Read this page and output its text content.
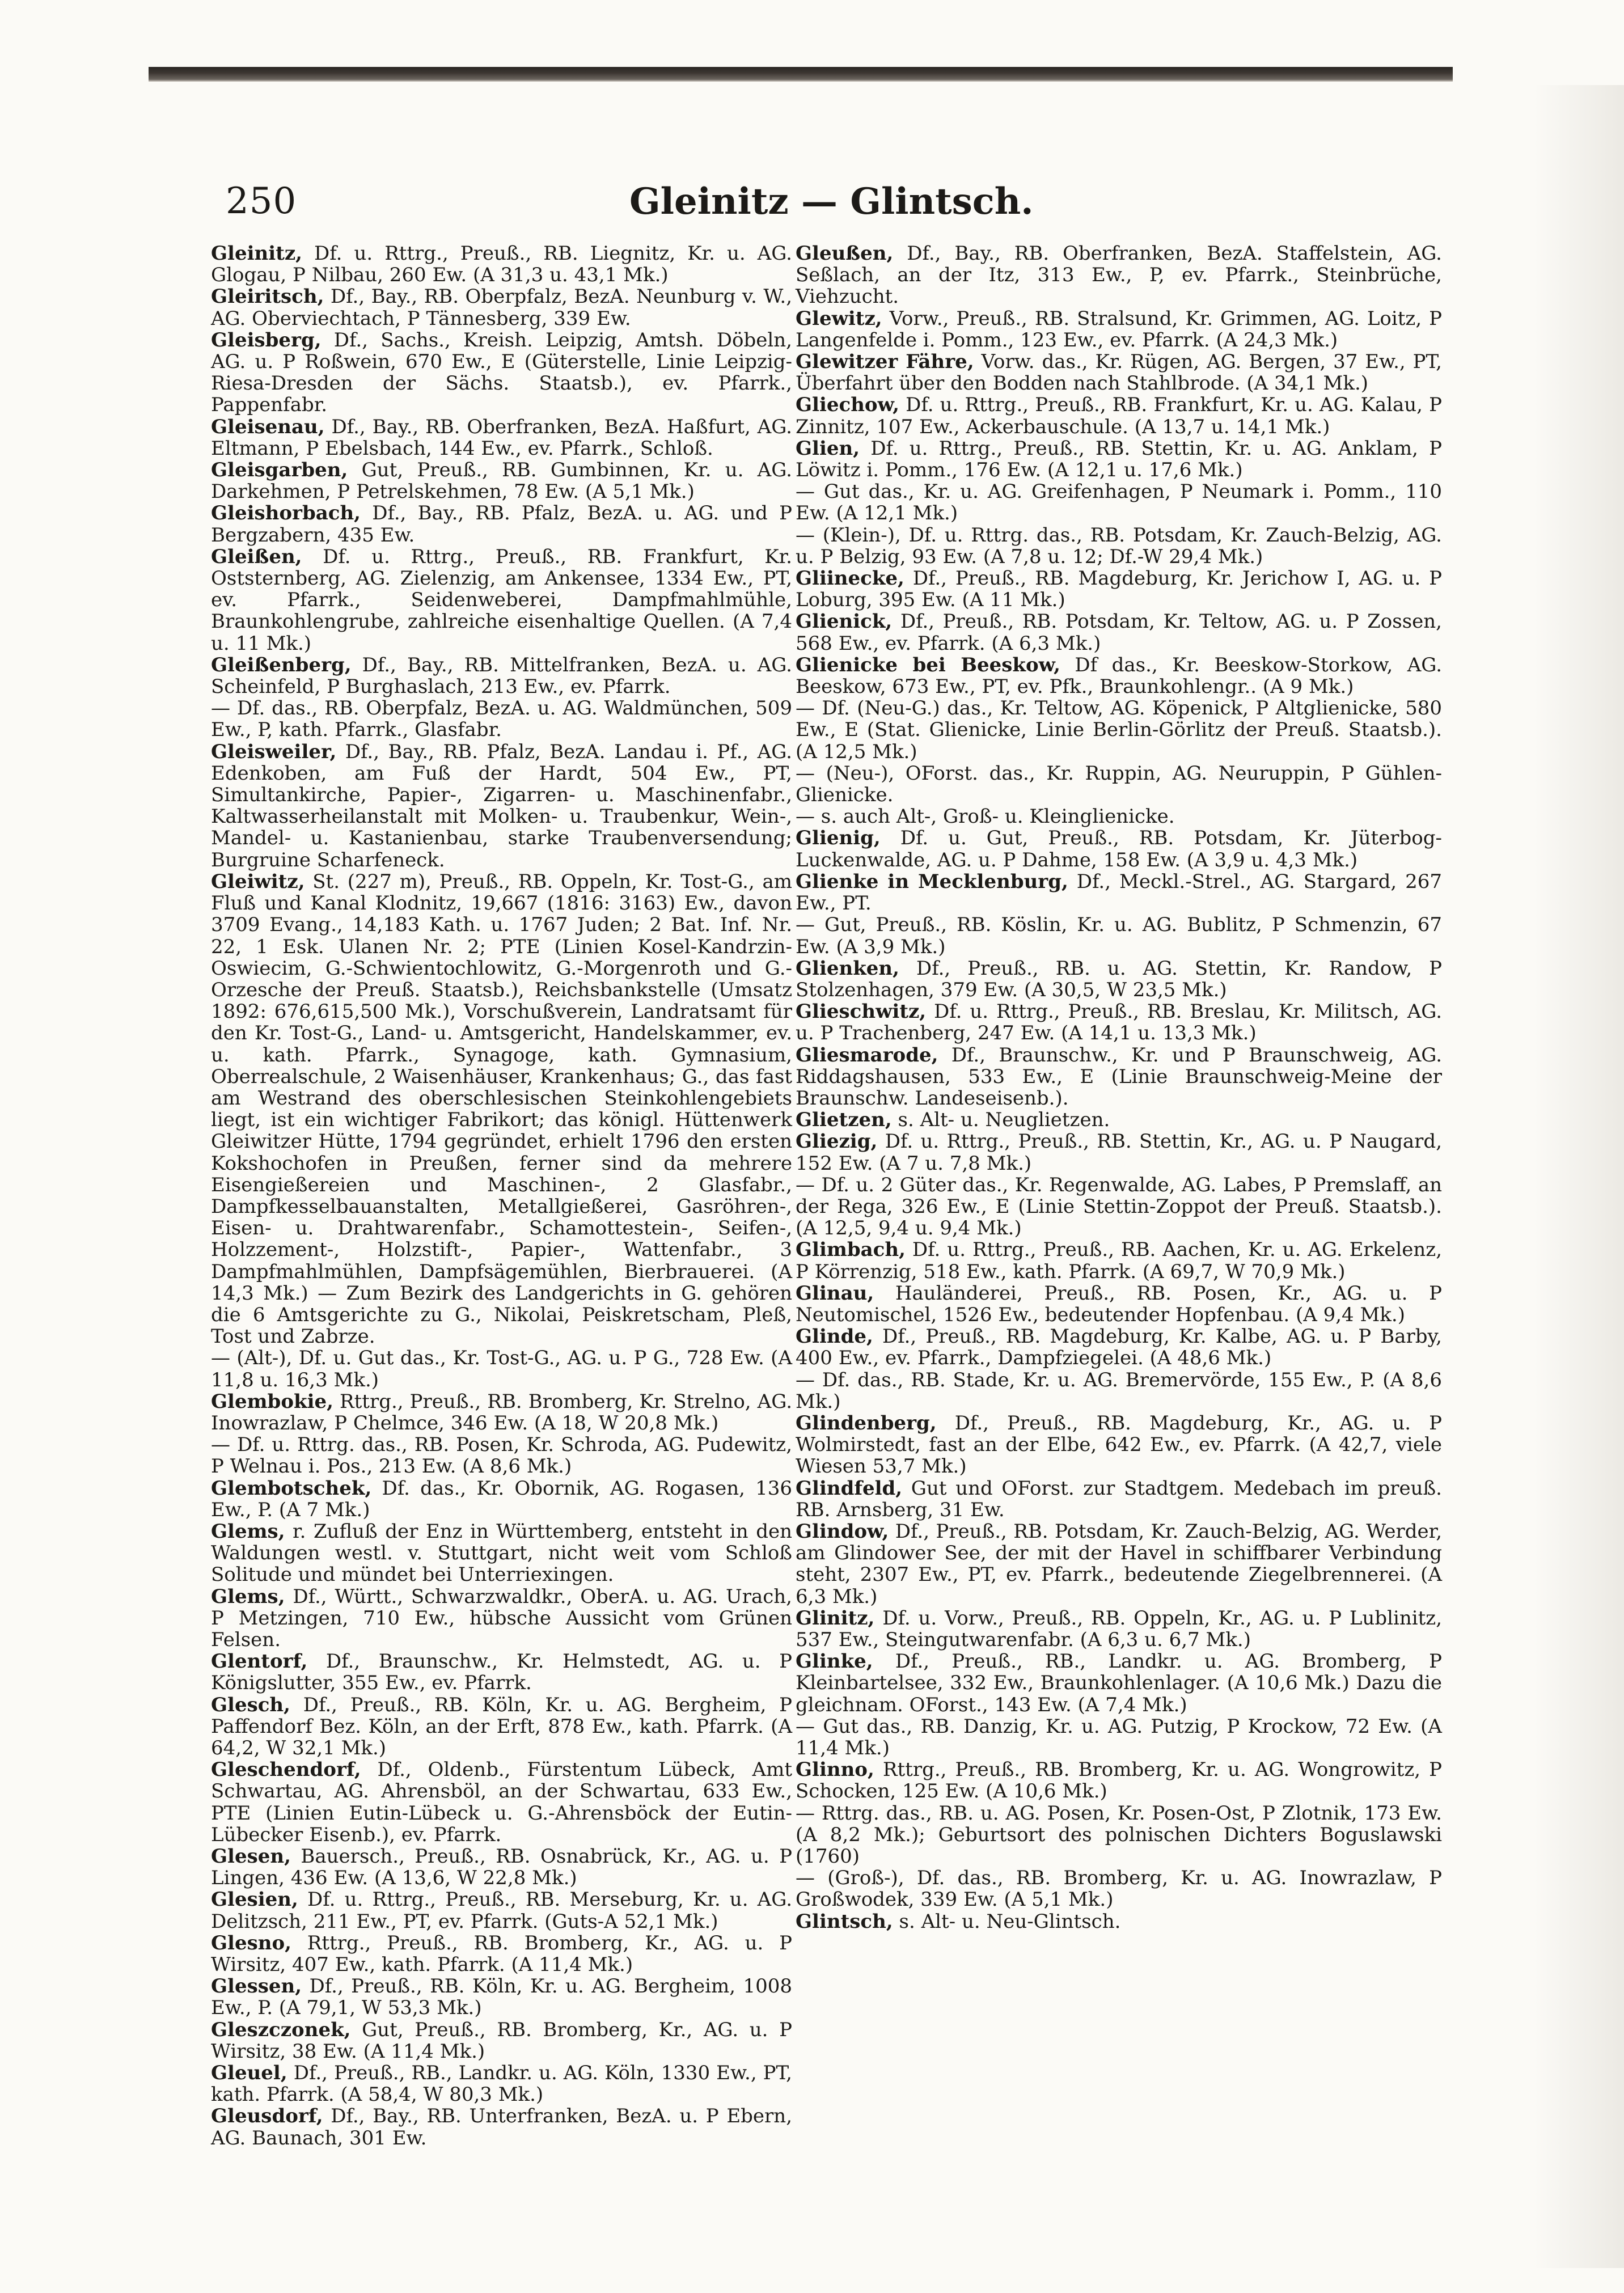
250	Gleinitz — Glintsch.

Gleinitz, Df. u. Rttrg., Preuß., RB. Liegnitz, Kr. u. AG. Glogau, P Nilbau, 260 Ew. (A 31,3 u. 43,1 Mk.)

Gleiritsch, Df., Bay., RB. Oberpfalz, BezA. Neunburg v. W., AG. Oberviechtach, P Tännesberg, 339 Ew.

Gleisberg, Df., Sachs., Kreish. Leipzig, Amtsh. Döbeln, AG. u. P Roßwein, 670 Ew., E (Güterstelle, Linie Leipzig-Riesa-Dresden der Sächs. Staatsb.), ev. Pfarrk., Pappenfabr.

Gleisenau, Df., Bay., RB. Oberfranken, BezA. Haßfurt, AG. Eltmann, P Ebelsbach, 144 Ew., ev. Pfarrk., Schloß.

Gleisgarben, Gut, Preuß., RB. Gumbinnen, Kr. u. AG. Darkehmen, P Petrelskehmen, 78 Ew. (A 5,1 Mk.)

Gleishorbach, Df., Bay., RB. Pfalz, BezA. u. AG. und P Bergzabern, 435 Ew.

Gleißen, Df. u. Rttrg., Preuß., RB. Frankfurt, Kr. Oststernberg, AG. Zielenzig, am Ankensee, 1334 Ew., PT, ev. Pfarrk., Seidenweberei, Dampfmahlmühle, Braunkohlengrube, zahlreiche eisenhaltige Quellen. (A 7,4 u. 11 Mk.)

Gleißenberg, Df., Bay., RB. Mittelfranken, BezA. u. AG. Scheinfeld, P Burghaslach, 213 Ew., ev. Pfarrk.

— Df. das., RB. Oberpfalz, BezA. u. AG. Waldmünchen, 509 Ew., P, kath. Pfarrk., Glasfabr.

Gleisweiler, Df., Bay., RB. Pfalz, BezA. Landau i. Pf., AG. Edenkoben, am Fuß der Hardt, 504 Ew., PT, Simultankirche, Papier-, Zigarren- u. Maschinenfabr., Kaltwasserheilanstalt mit Molken- u. Traubenkur, Wein-, Mandel- u. Kastanienbau, starke Traubenversendung; Burgruine Scharfeneck.

Gleiwitz, St. (227 m), Preuß., RB. Oppeln, Kr. Tost-G., am Fluß und Kanal Klodnitz, 19,667 (1816: 3163) Ew., davon 3709 Evang., 14,183 Kath. u. 1767 Juden; 2 Bat. Inf. Nr. 22, 1 Esk. Ulanen Nr. 2; PTE (Linien Kosel-Kandrzin-Oswiecim, G.-Schwientochlowitz, G.-Morgenroth und G.-Orzesche der Preuß. Staatsb.), Reichsbankstelle (Umsatz 1892: 676,615,500 Mk.), Vorschußverein, Landratsamt für den Kr. Tost-G., Land- u. Amtsgericht, Handelskammer, ev. u. kath. Pfarrk., Synagoge, kath. Gymnasium, Oberrealschule, 2 Waisenhäuser, Krankenhaus; G., das fast am Westrand des oberschlesischen Steinkohlengebiets liegt, ist ein wichtiger Fabrikort; das königl. Hüttenwerk Gleiwitzer Hütte, 1794 gegründet, erhielt 1796 den ersten Kokshochofen in Preußen, ferner sind da mehrere Eisengießereien und Maschinen-, 2 Glasfabr., Dampfkesselbauanstalten, Metallgießerei, Gasröhren-, Eisen- u. Drahtwarenfabr., Schamottestein-, Seifen-, Holzzement-, Holzstift-, Papier-, Wattenfabr., 3 Dampfmahlmühlen, Dampfsägemühlen, Bierbrauerei. (A 14,3 Mk.) — Zum Bezirk des Landgerichts in G. gehören die 6 Amtsgerichte zu G., Nikolai, Peiskretscham, Pleß, Tost und Zabrze.

— (Alt-), Df. u. Gut das., Kr. Tost-G., AG. u. P G., 728 Ew. (A 11,8 u. 16,3 Mk.)

Glembokie, Rttrg., Preuß., RB. Bromberg, Kr. Strelno, AG. Inowrazlaw, P Chelmce, 346 Ew. (A 18, W 20,8 Mk.)

— Df. u. Rttrg. das., RB. Posen, Kr. Schroda, AG. Pudewitz, P Welnau i. Pos., 213 Ew. (A 8,6 Mk.)

Glembotschek, Df. das., Kr. Obornik, AG. Rogasen, 136 Ew., P. (A 7 Mk.)

Glems, r. Zufluß der Enz in Württemberg, entsteht in den Waldungen westl. v. Stuttgart, nicht weit vom Schloß Solitude und mündet bei Unterriexingen.

Glems, Df., Württ., Schwarzwaldkr., OberA. u. AG. Urach, P Metzingen, 710 Ew., hübsche Aussicht vom Grünen Felsen.

Glentorf, Df., Braunschw., Kr. Helmstedt, AG. u. P Königslutter, 355 Ew., ev. Pfarrk.

Glesch, Df., Preuß., RB. Köln, Kr. u. AG. Bergheim, P Paffendorf Bez. Köln, an der Erft, 878 Ew., kath. Pfarrk. (A 64,2, W 32,1 Mk.)

Gleschendorf, Df., Oldenb., Fürstentum Lübeck, Amt Schwartau, AG. Ahrensböl, an der Schwartau, 633 Ew., PTE (Linien Eutin-Lübeck u. G.-Ahrensböck der Eutin-Lübecker Eisenb.), ev. Pfarrk.

Glesen, Bauersch., Preuß., RB. Osnabrück, Kr., AG. u. P Lingen, 436 Ew. (A 13,6, W 22,8 Mk.)

Glesien, Df. u. Rttrg., Preuß., RB. Merseburg, Kr. u. AG. Delitzsch, 211 Ew., PT, ev. Pfarrk. (Guts-A 52,1 Mk.)

Glesno, Rttrg., Preuß., RB. Bromberg, Kr., AG. u. P Wirsitz, 407 Ew., kath. Pfarrk. (A 11,4 Mk.)

Glessen, Df., Preuß., RB. Köln, Kr. u. AG. Bergheim, 1008 Ew., P. (A 79,1, W 53,3 Mk.)

Gleszczonek, Gut, Preuß., RB. Bromberg, Kr., AG. u. P Wirsitz, 38 Ew. (A 11,4 Mk.)

Gleuel, Df., Preuß., RB., Landkr. u. AG. Köln, 1330 Ew., PT, kath. Pfarrk. (A 58,4, W 80,3 Mk.)

Gleusdorf, Df., Bay., RB. Unterfranken, BezA. u. P Ebern, AG. Baunach, 301 Ew.

Gleußen, Df., Bay., RB. Oberfranken, BezA. Staffelstein, AG. Seßlach, an der Itz, 313 Ew., P, ev. Pfarrk., Steinbrüche, Viehzucht.

Glewitz, Vorw., Preuß., RB. Stralsund, Kr. Grimmen, AG. Loitz, P Langenfelde i. Pomm., 123 Ew., ev. Pfarrk. (A 24,3 Mk.)

Glewitzer Fähre, Vorw. das., Kr. Rügen, AG. Bergen, 37 Ew., PT, Überfahrt über den Bodden nach Stahlbrode. (A 34,1 Mk.)

Gliechow, Df. u. Rttrg., Preuß., RB. Frankfurt, Kr. u. AG. Kalau, P Zinnitz, 107 Ew., Ackerbauschule. (A 13,7 u. 14,1 Mk.)

Glien, Df. u. Rttrg., Preuß., RB. Stettin, Kr. u. AG. Anklam, P Löwitz i. Pomm., 176 Ew. (A 12,1 u. 17,6 Mk.)

— Gut das., Kr. u. AG. Greifenhagen, P Neumark i. Pomm., 110 Ew. (A 12,1 Mk.)

— (Klein-), Df. u. Rttrg. das., RB. Potsdam, Kr. Zauch-Belzig, AG. u. P Belzig, 93 Ew. (A 7,8 u. 12; Df.-W 29,4 Mk.)

Gliinecke, Df., Preuß., RB. Magdeburg, Kr. Jerichow I, AG. u. P Loburg, 395 Ew. (A 11 Mk.)

Glienick, Df., Preuß., RB. Potsdam, Kr. Teltow, AG. u. P Zossen, 568 Ew., ev. Pfarrk. (A 6,3 Mk.)

Glienicke bei Beeskow, Df das., Kr. Beeskow-Storkow, AG. Beeskow, 673 Ew., PT, ev. Pfk., Braunkohlengr.. (A 9 Mk.)

— Df. (Neu-G.) das., Kr. Teltow, AG. Köpenick, P Altglienicke, 580 Ew., E (Stat. Glienicke, Linie Berlin-Görlitz der Preuß. Staatsb.). (A 12,5 Mk.)

— (Neu-), OForst. das., Kr. Ruppin, AG. Neuruppin, P Gühlen-Glienicke.

— s. auch Alt-, Groß- u. Kleinglienicke.

Glienig, Df. u. Gut, Preuß., RB. Potsdam, Kr. Jüterbog-Luckenwalde, AG. u. P Dahme, 158 Ew. (A 3,9 u. 4,3 Mk.)

Glienke in Mecklenburg, Df., Meckl.-Strel., AG. Stargard, 267 Ew., PT.

— Gut, Preuß., RB. Köslin, Kr. u. AG. Bublitz, P Schmenzin, 67 Ew. (A 3,9 Mk.)

Glienken, Df., Preuß., RB. u. AG. Stettin, Kr. Randow, P Stolzenhagen, 379 Ew. (A 30,5, W 23,5 Mk.)

Glieschwitz, Df. u. Rttrg., Preuß., RB. Breslau, Kr. Militsch, AG. u. P Trachenberg, 247 Ew. (A 14,1 u. 13,3 Mk.)

Gliesmarode, Df., Braunschw., Kr. und P Braunschweig, AG. Riddagshausen, 533 Ew., E (Linie Braunschweig-Meine der Braunschw. Landeseisenb.).

Glietzen, s. Alt- u. Neuglietzen.

Gliezig, Df. u. Rttrg., Preuß., RB. Stettin, Kr., AG. u. P Naugard, 152 Ew. (A 7 u. 7,8 Mk.)

— Df. u. 2 Güter das., Kr. Regenwalde, AG. Labes, P Premslaff, an der Rega, 326 Ew., E (Linie Stettin-Zoppot der Preuß. Staatsb.). (A 12,5, 9,4 u. 9,4 Mk.)

Glimbach, Df. u. Rttrg., Preuß., RB. Aachen, Kr. u. AG. Erkelenz, P Körrenzig, 518 Ew., kath. Pfarrk. (A 69,7, W 70,9 Mk.)

Glinau, Hauländerei, Preuß., RB. Posen, Kr., AG. u. P Neutomischel, 1526 Ew., bedeutender Hopfenbau. (A 9,4 Mk.)

Glinde, Df., Preuß., RB. Magdeburg, Kr. Kalbe, AG. u. P Barby, 400 Ew., ev. Pfarrk., Dampfziegelei. (A 48,6 Mk.)

— Df. das., RB. Stade, Kr. u. AG. Bremervörde, 155 Ew., P. (A 8,6 Mk.)

Glindenberg, Df., Preuß., RB. Magdeburg, Kr., AG. u. P Wolmirstedt, fast an der Elbe, 642 Ew., ev. Pfarrk. (A 42,7, viele Wiesen 53,7 Mk.)

Glindfeld, Gut und OForst. zur Stadtgem. Medebach im preuß. RB. Arnsberg, 31 Ew.

Glindow, Df., Preuß., RB. Potsdam, Kr. Zauch-Belzig, AG. Werder, am Glindower See, der mit der Havel in schiffbarer Verbindung steht, 2307 Ew., PT, ev. Pfarrk., bedeutende Ziegelbrennerei. (A 6,3 Mk.)

Glinitz, Df. u. Vorw., Preuß., RB. Oppeln, Kr., AG. u. P Lublinitz, 537 Ew., Steingutwarenfabr. (A 6,3 u. 6,7 Mk.)

Glinke, Df., Preuß., RB., Landkr. u. AG. Bromberg, P Kleinbartelsee, 332 Ew., Braunkohlenlager. (A 10,6 Mk.) Dazu die gleichnam. OForst., 143 Ew. (A 7,4 Mk.)

— Gut das., RB. Danzig, Kr. u. AG. Putzig, P Krockow, 72 Ew. (A 11,4 Mk.)

Glinno, Rttrg., Preuß., RB. Bromberg, Kr. u. AG. Wongrowitz, P Schocken, 125 Ew. (A 10,6 Mk.)

— Rttrg. das., RB. u. AG. Posen, Kr. Posen-Ost, P Zlotnik, 173 Ew. (A 8,2 Mk.); Geburtsort des polnischen Dichters Boguslawski (1760)

— (Groß-), Df. das., RB. Bromberg, Kr. u. AG. Inowrazlaw, P Großwodek, 339 Ew. (A 5,1 Mk.)

Glintsch, s. Alt- u. Neu-Glintsch.
